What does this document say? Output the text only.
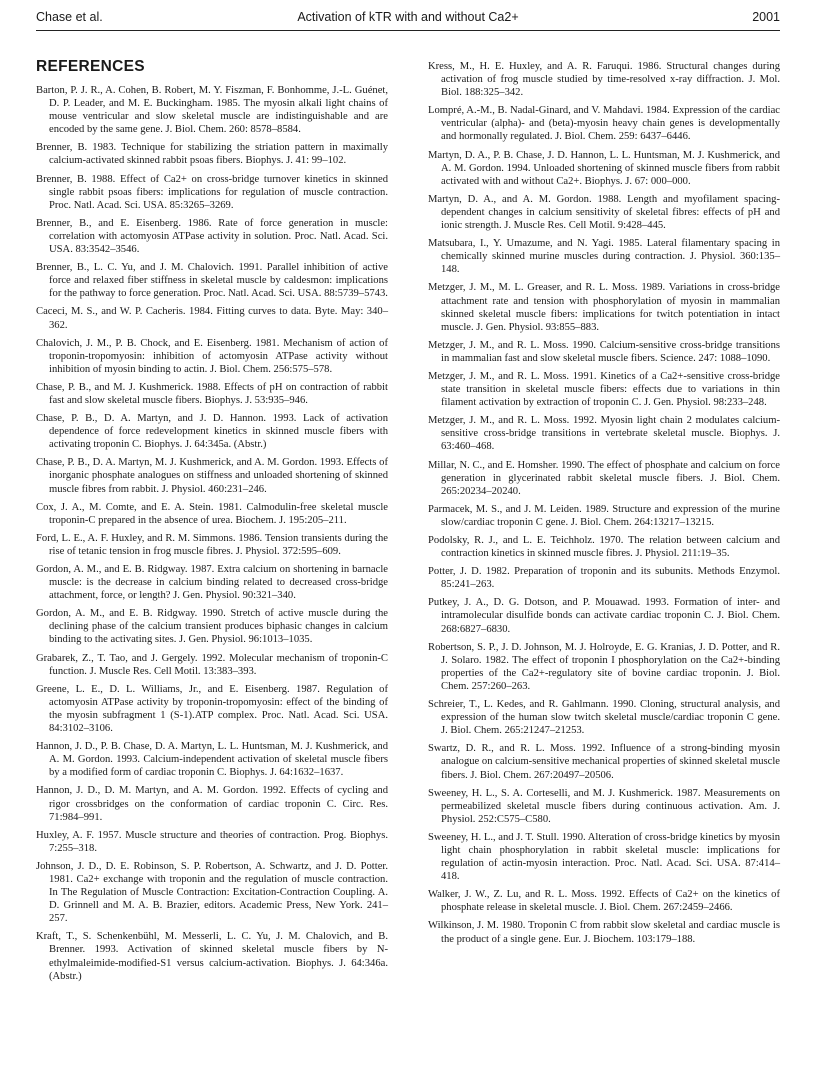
Chase et al.	Activation of kTR with and without Ca2+	2001
REFERENCES

Barton, P. J. R., A. Cohen, B. Robert, M. Y. Fiszman, F. Bonhomme, J.-L. Guénet, D. P. Leader, and M. E. Buckingham. 1985. The myosin alkali light chains of mouse ventricular and slow skeletal muscle are indistinguishable and are encoded by the same gene. J. Biol. Chem. 260: 8578–8584.

Brenner, B. 1983. Technique for stabilizing the striation pattern in maximally calcium-activated skinned rabbit psoas fibers. Biophys. J. 41: 99–102.

Brenner, B. 1988. Effect of Ca2+ on cross-bridge turnover kinetics in skinned single rabbit psoas fibers: implications for regulation of muscle contraction. Proc. Natl. Acad. Sci. USA. 85:3265–3269.

Brenner, B., and E. Eisenberg. 1986. Rate of force generation in muscle: correlation with actomyosin ATPase activity in solution. Proc. Natl. Acad. Sci. USA. 83:3542–3546.

Brenner, B., L. C. Yu, and J. M. Chalovich. 1991. Parallel inhibition of active force and relaxed fiber stiffness in skeletal muscle by caldesmon: implications for the pathway to force generation. Proc. Natl. Acad. Sci. USA. 88:5739–5743.

Caceci, M. S., and W. P. Cacheris. 1984. Fitting curves to data. Byte. May: 340–362.

Chalovich, J. M., P. B. Chock, and E. Eisenberg. 1981. Mechanism of action of troponin-tropomyosin: inhibition of actomyosin ATPase activity without inhibition of myosin binding to actin. J. Biol. Chem. 256:575–578.

Chase, P. B., and M. J. Kushmerick. 1988. Effects of pH on contraction of rabbit fast and slow skeletal muscle fibers. Biophys. J. 53:935–946.

Chase, P. B., D. A. Martyn, and J. D. Hannon. 1993. Lack of activation dependence of force redevelopment kinetics in skinned muscle fibers with activating troponin C. Biophys. J. 64:345a. (Abstr.)

Chase, P. B., D. A. Martyn, M. J. Kushmerick, and A. M. Gordon. 1993. Effects of inorganic phosphate analogues on stiffness and unloaded shortening of skinned muscle fibres from rabbit. J. Physiol. 460:231–246.

Cox, J. A., M. Comte, and E. A. Stein. 1981. Calmodulin-free skeletal muscle troponin-C prepared in the absence of urea. Biochem. J. 195:205–211.

Ford, L. E., A. F. Huxley, and R. M. Simmons. 1986. Tension transients during the rise of tetanic tension in frog muscle fibres. J. Physiol. 372:595–609.

Gordon, A. M., and E. B. Ridgway. 1987. Extra calcium on shortening in barnacle muscle: is the decrease in calcium binding related to decreased cross-bridge attachment, force, or length? J. Gen. Physiol. 90:321–340.

Gordon, A. M., and E. B. Ridgway. 1990. Stretch of active muscle during the declining phase of the calcium transient produces biphasic changes in calcium binding to the activating sites. J. Gen. Physiol. 96:1013–1035.

Grabarek, Z., T. Tao, and J. Gergely. 1992. Molecular mechanism of troponin-C function. J. Muscle Res. Cell Motil. 13:383–393.

Greene, L. E., D. L. Williams, Jr., and E. Eisenberg. 1987. Regulation of actomyosin ATPase activity by troponin-tropomyosin: effect of the binding of the myosin subfragment 1 (S-1).ATP complex. Proc. Natl. Acad. Sci. USA. 84:3102–3106.

Hannon, J. D., P. B. Chase, D. A. Martyn, L. L. Huntsman, M. J. Kushmerick, and A. M. Gordon. 1993. Calcium-independent activation of skeletal muscle fibers by a modified form of cardiac troponin C. Biophys. J. 64:1632–1637.

Hannon, J. D., D. M. Martyn, and A. M. Gordon. 1992. Effects of cycling and rigor crossbridges on the conformation of cardiac troponin C. Circ. Res. 71:984–991.

Huxley, A. F. 1957. Muscle structure and theories of contraction. Prog. Biophys. 7:255–318.

Johnson, J. D., D. E. Robinson, S. P. Robertson, A. Schwartz, and J. D. Potter. 1981. Ca2+ exchange with troponin and the regulation of muscle contraction. In The Regulation of Muscle Contraction: Excitation-Contraction Coupling. A. D. Grinnell and M. A. B. Brazier, editors. Academic Press, New York. 241–257.

Kraft, T., S. Schenkenbühl, M. Messerli, L. C. Yu, J. M. Chalovich, and B. Brenner. 1993. Activation of skinned skeletal muscle fibers by N-ethylmaleimide-modified-S1 versus calcium-activation. Biophys. J. 64:346a. (Abstr.)

Kress, M., H. E. Huxley, and A. R. Faruqui. 1986. Structural changes during activation of frog muscle studied by time-resolved x-ray diffraction. J. Mol. Biol. 188:325–342.

Lompré, A.-M., B. Nadal-Ginard, and V. Mahdavi. 1984. Expression of the cardiac ventricular (alpha)- and (beta)-myosin heavy chain genes is developmentally and hormonally regulated. J. Biol. Chem. 259: 6437–6446.

Martyn, D. A., P. B. Chase, J. D. Hannon, L. L. Huntsman, M. J. Kushmerick, and A. M. Gordon. 1994. Unloaded shortening of skinned muscle fibers from rabbit activated with and without Ca2+. Biophys. J. 67: 000–000.

Martyn, D. A., and A. M. Gordon. 1988. Length and myofilament spacing-dependent changes in calcium sensitivity of skeletal fibres: effects of pH and ionic strength. J. Muscle Res. Cell Motil. 9:428–445.

Matsubara, I., Y. Umazume, and N. Yagi. 1985. Lateral filamentary spacing in chemically skinned murine muscles during contraction. J. Physiol. 360:135–148.

Metzger, J. M., M. L. Greaser, and R. L. Moss. 1989. Variations in cross-bridge attachment rate and tension with phosphorylation of myosin in mammalian skinned skeletal muscle fibers: implications for twitch potentiation in intact muscle. J. Gen. Physiol. 93:855–883.

Metzger, J. M., and R. L. Moss. 1990. Calcium-sensitive cross-bridge transitions in mammalian fast and slow skeletal muscle fibers. Science. 247: 1088–1090.

Metzger, J. M., and R. L. Moss. 1991. Kinetics of a Ca2+-sensitive cross-bridge state transition in skeletal muscle fibers: effects due to variations in thin filament activation by extraction of troponin C. J. Gen. Physiol. 98:233–248.

Metzger, J. M., and R. L. Moss. 1992. Myosin light chain 2 modulates calcium-sensitive cross-bridge transitions in vertebrate skeletal muscle. Biophys. J. 63:460–468.

Millar, N. C., and E. Homsher. 1990. The effect of phosphate and calcium on force generation in glycerinated rabbit skeletal muscle fibers. J. Biol. Chem. 265:20234–20240.

Parmacek, M. S., and J. M. Leiden. 1989. Structure and expression of the murine slow/cardiac troponin C gene. J. Biol. Chem. 264:13217–13215.

Podolsky, R. J., and L. E. Teichholz. 1970. The relation between calcium and contraction kinetics in skinned muscle fibres. J. Physiol. 211:19–35.

Potter, J. D. 1982. Preparation of troponin and its subunits. Methods Enzymol. 85:241–263.

Putkey, J. A., D. G. Dotson, and P. Mouawad. 1993. Formation of inter- and intramolecular disulfide bonds can activate cardiac troponin C. J. Biol. Chem. 268:6827–6830.

Robertson, S. P., J. D. Johnson, M. J. Holroyde, E. G. Kranias, J. D. Potter, and R. J. Solaro. 1982. The effect of troponin I phosphorylation on the Ca2+-binding properties of the Ca2+-regulatory site of bovine cardiac troponin. J. Biol. Chem. 257:260–263.

Schreier, T., L. Kedes, and R. Gahlmann. 1990. Cloning, structural analysis, and expression of the human slow twitch skeletal muscle/cardiac troponin C gene. J. Biol. Chem. 265:21247–21253.

Swartz, D. R., and R. L. Moss. 1992. Influence of a strong-binding myosin analogue on calcium-sensitive mechanical properties of skinned skeletal muscle fibers. J. Biol. Chem. 267:20497–20506.

Sweeney, H. L., S. A. Corteselli, and M. J. Kushmerick. 1987. Measurements on permeabilized skeletal muscle fibers during continuous activation. Am. J. Physiol. 252:C575–C580.

Sweeney, H. L., and J. T. Stull. 1990. Alteration of cross-bridge kinetics by myosin light chain phosphorylation in rabbit skeletal muscle: implications for regulation of actin-myosin interaction. Proc. Natl. Acad. Sci. USA. 87:414–418.

Walker, J. W., Z. Lu, and R. L. Moss. 1992. Effects of Ca2+ on the kinetics of phosphate release in skeletal muscle. J. Biol. Chem. 267:2459–2466.

Wilkinson, J. M. 1980. Troponin C from rabbit slow skeletal and cardiac muscle is the product of a single gene. Eur. J. Biochem. 103:179–188.
